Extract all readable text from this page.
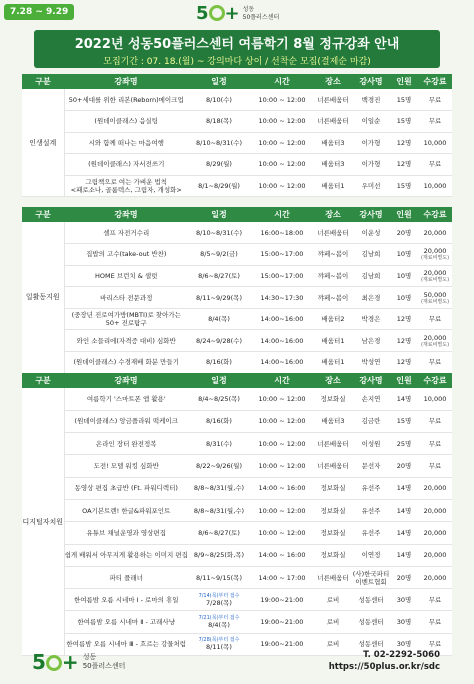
7.28 ~ 9.29	5 + 성동
50플러스센터
2022년 성동50플러스센터 여름학기 8월 정규강좌 안내
모집기간 : 07. 18.(월) ~ 강의마다 상이 / 선착순 모집(결제순 마감)
구분	강좌명	일정	시간	장소	강사명	인원	수강료
인생설계	50+세대를 위한 리본(Reborn)메이크업	8/10(수)	10:00 ~ 12:00	너른배움터	백경진	15명	무료

	(원데이클래스) 음실팅	8/18(목)	10:00 ~ 12:00	너른배움터	이일순	15명	무료

	시와 함께 떠나는 마음여행	8/10~8/31(수)	10:00 ~ 12:00	배움터3	이가형	12명	10,000

	(원데이클래스) 자서전쓰기	8/29(월)	10:00 ~ 12:00	배움터3	이가형	12명	무료

	그림책으로 여는 가벼운 법칙
<패로소나, 골룸텍스, 그림자, 개성화>	8/1~8/29(월)	10:00 ~ 12:00	배움터1	우미선	15명	10,000
구분	강좌명	일정	시간	장소	강사명	인원	수강료
일활동지원	셀프 자전거수리	8/10~8/31(수)	16:00~18:00	너른배움터	이운성	20명	20,000

	집밥의 고수(take-out 반찬)	8/5~9/2(금)	15:00~17:00	꺄페~봄이	김남희	10명	20,000
(재료비별도)

	HOME 브런치 & 샐럿	8/6~8/27(토)	15:00~17:00	꺄페~봄이	김남희	10명	20,000
(재료비별도)

	바리스타 전문과정	8/11~9/29(목)	14:30~17:30	꺄페~봄이	최은경	10명	50,000
(재료비별도)

	(중장년 진로여가방(MBTI)로 찾아가는
50+ 진로탐구	8/4(목)	14:00~16:00	배움터2	박경은	12명	무료

	와인 소믈리에(자격증 대비) 심화반	8/24~9/28(수)	14:00~16:00	배움터1	남은경	12명	20,000
(재료비별도)

	(원데이클래스) 수경재배 화분 만들기	8/16(화)	14:00~16:00	배움터1	박성연	12명	무료
구분	강좌명	일정	시간	장소	강사명	인원	수강료
디지털자치원	여름학기 '스마트폰 앱 활용'	8/4~8/25(목)	10:00 ~ 12:00	정보화실	손지연	14명	10,000

	(원데이클래스) 앙금플라워 떡케이크	8/16(화)	10:00 ~ 12:00	배움터3	김금란	15명	무료

	온라인 장터 완전정복	8/31(수)	10:00 ~ 12:00	너른배움터	이성원	25명	무료

	도전! 모델 워킹 심화반	8/22~9/26(월)	10:00 ~ 12:00	너른배움터	문선자	20명	무료

	동영상 편집 초급반 (Ft. 파워디렉터)	8/8~8/31(월,수)	14:00 ~ 16:00	정보화실	유선주	14명	20,000

	OA기본트렌! 한글&파워포인트	8/8~8/31(월,수)	10:00 ~ 12:00	정보화실	유선주	14명	20,000

	유튜브 채널운영과 영상편집	8/6~8/27(토)	10:00 ~ 12:00	정보화실	유선주	14명	20,000

	쉽게 배워서 아무지게 활용하는 이미지 편집	8/9~8/25(화,목)	14:00 ~ 16:00	정보화실	이연정	14명	20,000

	파티 플래너	8/11~9/15(목)	14:00 ~ 17:00	너른배움터	(사)한국파티이벤트협회	20명	20,000

	한여름밤 오름 시네마 Ⅰ - 로마의 휴일	7/14(목)부터 접수
7/28(목)	19:00~21:00	로비	성동센터	30명	무료

	한여름밤 오름 시네마 Ⅱ - 고래사냥	7/21(목)부터 접수
8/4(목)	19:00~21:00	로비	성동센터	30명	무료

	한여름밤 오름 시네마 Ⅲ - 흐르는 강물처럼	7/28(목)부터 접수
8/11(목)	19:00~21:00	로비	성동센터	30명	무료
5 + 성동
50플러스센터
T. 02-2292-5060
https://50plus.or.kr/sdc
